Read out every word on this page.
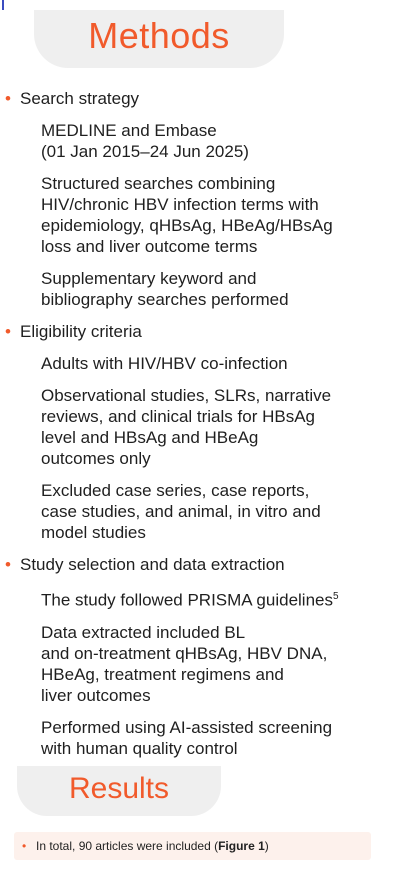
Methods
• Search strategy
– MEDLINE and Embase
(01 Jan 2015–24 Jun 2025)
– Structured searches combining
HIV/chronic HBV infection terms with
epidemiology, qHBsAg, HBeAg/HBsAg
loss and liver outcome terms
– Supplementary keyword and
bibliography searches performed
• Eligibility criteria
– Adults with HIV/HBV co-infection
– Observational studies, SLRs, narrative
reviews, and clinical trials for HBsAg
level and HBsAg and HBeAg
outcomes only
– Excluded case series, case reports,
case studies, and animal, in vitro and
model studies
• Study selection and data extraction
– The study followed PRISMA guidelines$^5$
– Data extracted included BL
and on-treatment qHBsAg, HBV DNA,
HBeAg, treatment regimens and
liver outcomes
– Performed using AI-assisted screening
with human quality control
Results
• In total, 90 articles were included (Figure 1)
